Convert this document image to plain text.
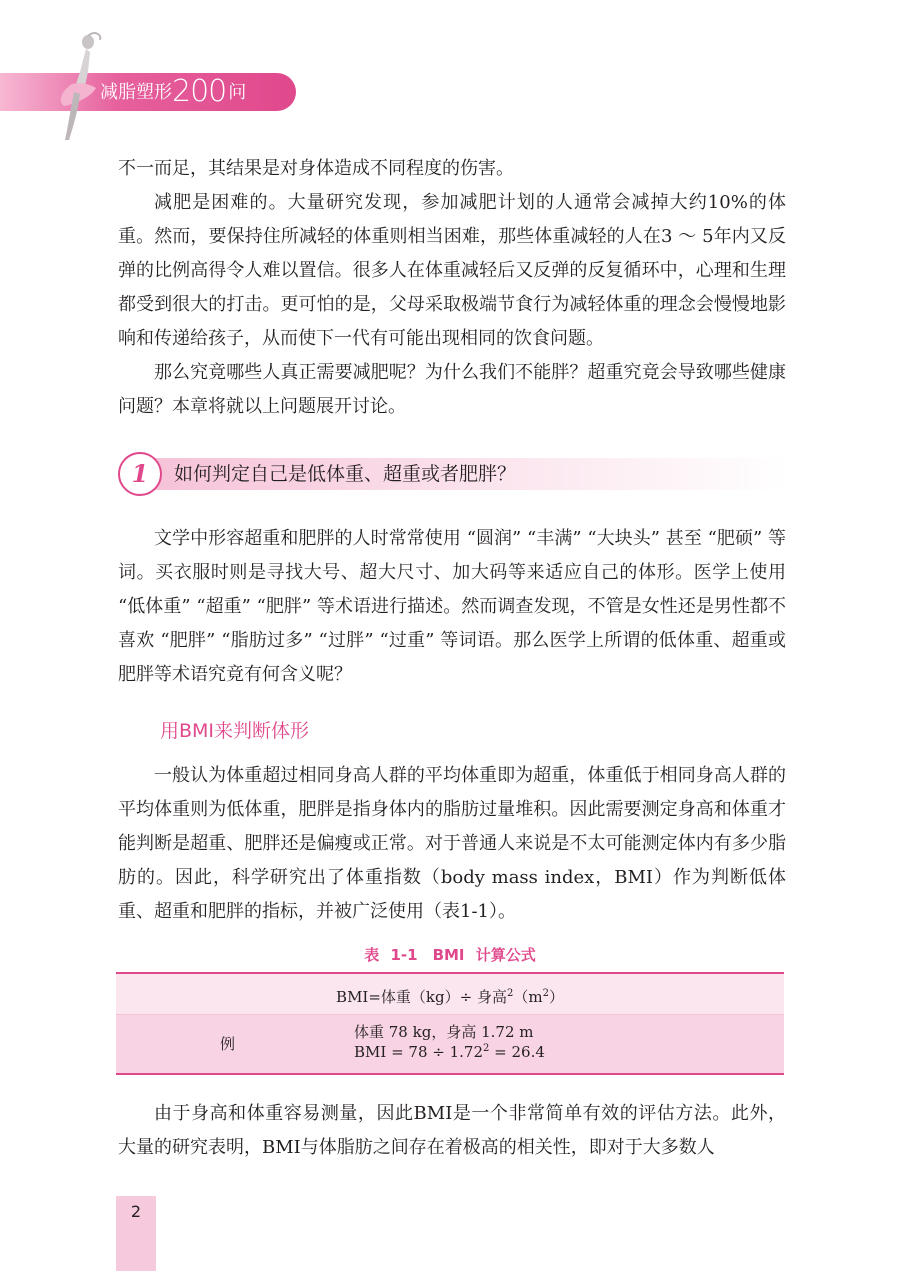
减脂塑形200 问

不一而足，其结果是对身体造成不同程度的伤害。

减肥是困难的。大量研究发现，参加减肥计划的人通常会减掉大约10%的体重。然而，要保持住所减轻的体重则相当困难，那些体重减轻的人在3 ～ 5年内又反弹的比例高得令人难以置信。很多人在体重减轻后又反弹的反复循环中，心理和生理都受到很大的打击。更可怕的是，父母采取极端节食行为减轻体重的理念会慢慢地影响和传递给孩子，从而使下一代有可能出现相同的饮食问题。

那么究竟哪些人真正需要减肥呢？为什么我们不能胖？超重究竟会导致哪些健康问题？本章将就以上问题展开讨论。

1	如何判定自己是低体重、超重或者肥胖？

文学中形容超重和肥胖的人时常常使用 “圆润” “丰满” “大块头” 甚至 “肥硕” 等词。买衣服时则是寻找大号、超大尺寸、加大码等来适应自己的体形。医学上使用 “低体重” “超重” “肥胖” 等术语进行描述。然而调查发现，不管是女性还是男性都不喜欢 “肥胖” “脂肪过多” “过胖” “过重” 等词语。那么医学上所谓的低体重、超重或肥胖等术语究竟有何含义呢？

用BMI来判断体形

一般认为体重超过相同身高人群的平均体重即为超重，体重低于相同身高人群的平均体重则为低体重，肥胖是指身体内的脂肪过量堆积。因此需要测定身高和体重才能判断是超重、肥胖还是偏瘦或正常。对于普通人来说是不太可能测定体内有多少脂肪的。因此，科学研究出了体重指数（body mass index，BMI）作为判断低体重、超重和肥胖的指标，并被广泛使用（表1-1）。

表 1-1　BMI 计算公式
BMI=体重（kg）÷ 身高$^2(m^2)$
例
体重 78 kg，身高 1.72 m
BMI = $78 \div 1.72^2 = 26.4$

由于身高和体重容易测量，因此BMI是一个非常简单有效的评估方法。此外，大量的研究表明，BMI与体脂肪之间存在着极高的相关性，即对于大多数人

2
